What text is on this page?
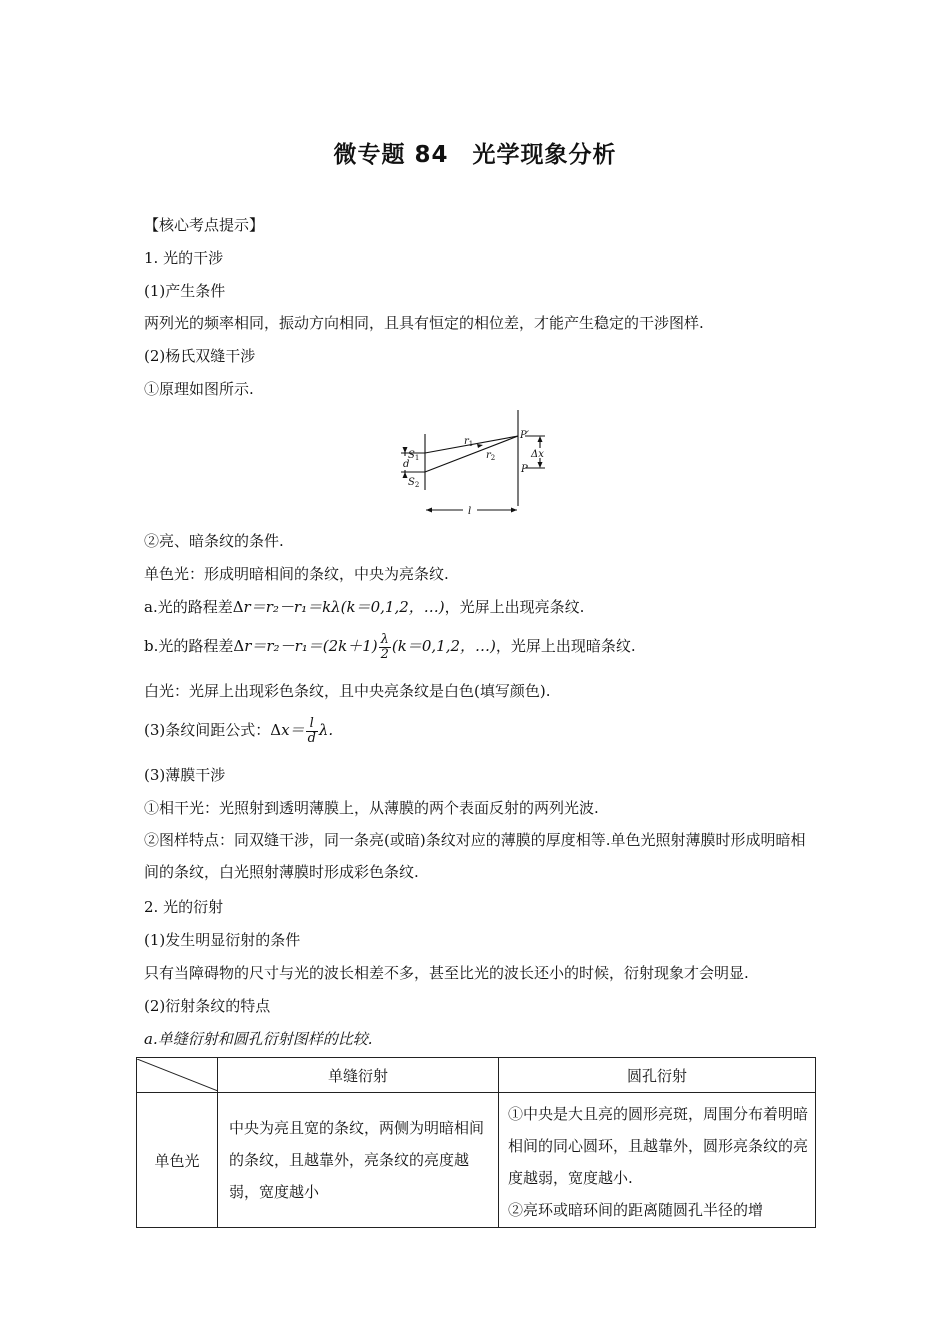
微专题 84　光学现象分析
【核心考点提示】
1. 光的干涉
(1)产生条件
两列光的频率相同，振动方向相同，且具有恒定的相位差，才能产生稳定的干涉图样.
(2)杨氏双缝干涉
①原理如图所示.
$S_1$
$S_2$
d
$r_1$
$r_2$
P′
P
Δx
l
②亮、暗条纹的条件.
单色光：形成明暗相间的条纹，中央为亮条纹.
a.光的路程差Δr＝r₂－r₁＝kλ(k＝0,1,2，…)，光屏上出现亮条纹.
b.光的路程差$\Delta r=r_2-r_1=(2k+1) \frac{\lambda}{2} (k=0,1,2$，…)，光屏上出现暗条纹.
白光：光屏上出现彩色条纹，且中央亮条纹是白色(填写颜色).
(3)条纹间距公式：$\Delta x= \frac{l}{d} \lambda$.
(3)薄膜干涉
①相干光：光照射到透明薄膜上，从薄膜的两个表面反射的两列光波.
②图样特点：同双缝干涉，同一条亮(或暗)条纹对应的薄膜的厚度相等.单色光照射薄膜时形成明暗相间的条纹，白光照射薄膜时形成彩色条纹.
2. 光的衍射
(1)发生明显衍射的条件
只有当障碍物的尺寸与光的波长相差不多，甚至比光的波长还小的时候，衍射现象才会明显.
(2)衍射条纹的特点
a.单缝衍射和圆孔衍射图样的比较.
	单缝衍射	圆孔衍射
单色光	中央为亮且宽的条纹，两侧为明暗相间的条纹，且越靠外，亮条纹的亮度越弱，宽度越小	①中央是大且亮的圆形亮斑，周围分布着明暗相间的同心圆环，且越靠外，圆形亮条纹的亮度越弱，宽度越小.
②亮环或暗环间的距离随圆孔半径的增
